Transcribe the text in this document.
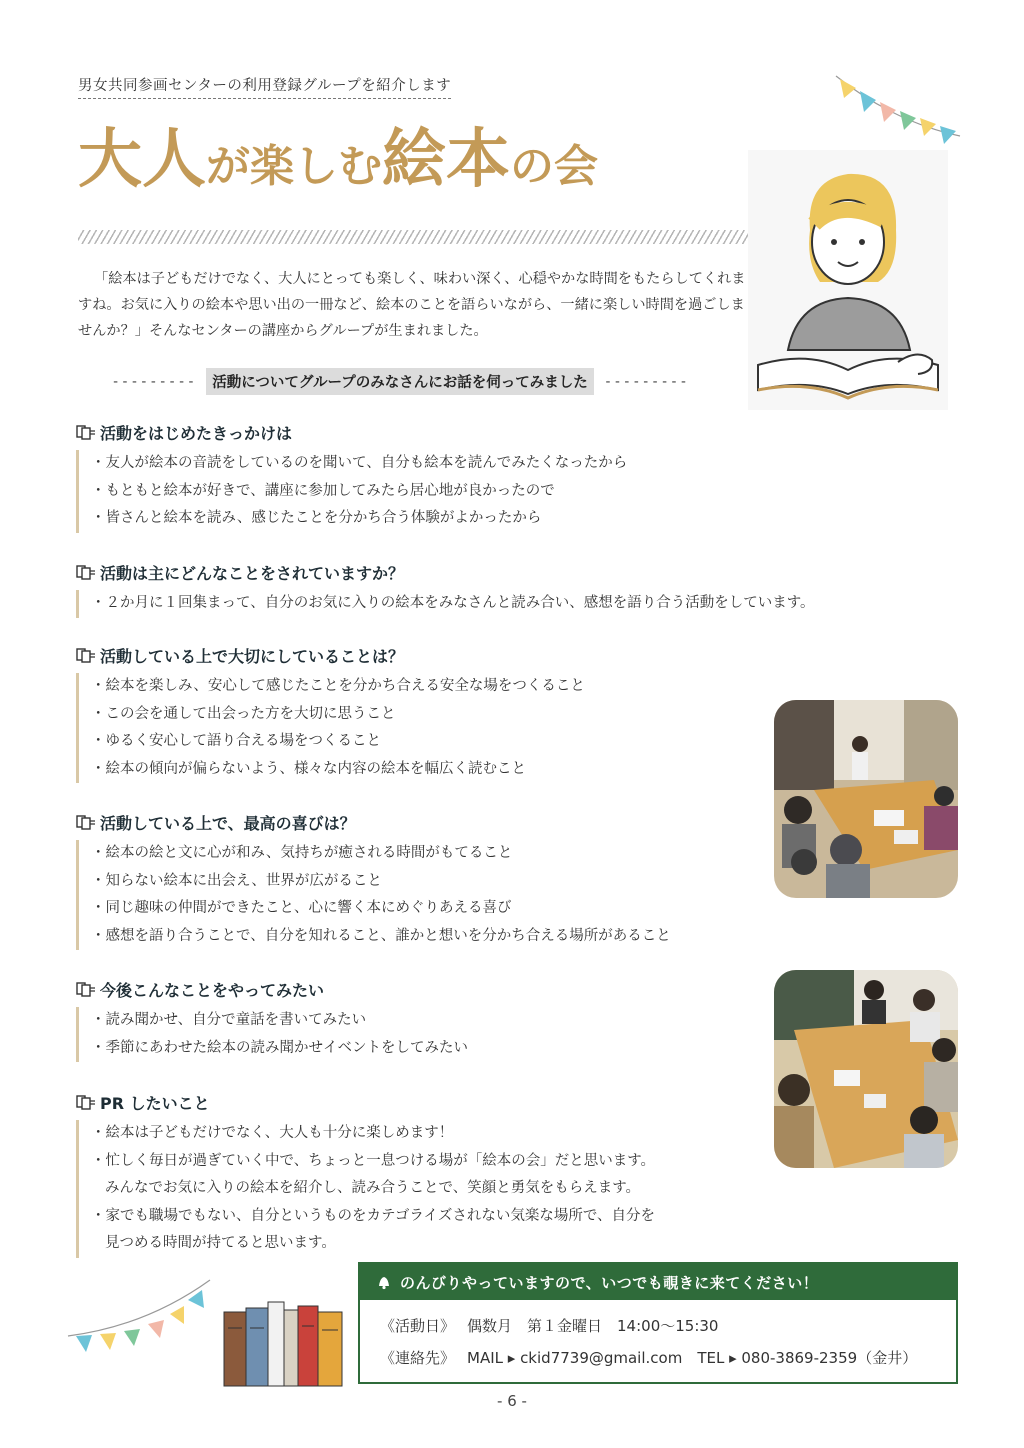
男女共同参画センターの利用登録グループを紹介します
大人が楽しむ絵本の会
「絵本は子どもだけでなく、大人にとっても楽しく、味わい深く、心穏やかな時間をもたらしてくれますね。お気に入りの絵本や思い出の一冊など、絵本のことを語らいながら、一緒に楽しい時間を過ごしませんか？」そんなセンターの講座からグループが生まれました。
---------	活動についてグループのみなさんにお話を伺ってみました	---------
活動をはじめたきっかけは
・友人が絵本の音読をしているのを聞いて、自分も絵本を読んでみたくなったから
・もともと絵本が好きで、講座に参加してみたら居心地が良かったので
・皆さんと絵本を読み、感じたことを分かち合う体験がよかったから
活動は主にどんなことをされていますか？
・２か月に１回集まって、自分のお気に入りの絵本をみなさんと読み合い、感想を語り合う活動をしています。
活動している上で大切にしていることは？
・絵本を楽しみ、安心して感じたことを分かち合える安全な場をつくること
・この会を通して出会った方を大切に思うこと
・ゆるく安心して語り合える場をつくること
・絵本の傾向が偏らないよう、様々な内容の絵本を幅広く読むこと
活動している上で、最高の喜びは？
・絵本の絵と文に心が和み、気持ちが癒される時間がもてること
・知らない絵本に出会え、世界が広がること
・同じ趣味の仲間ができたこと、心に響く本にめぐりあえる喜び
・感想を語り合うことで、自分を知れること、誰かと想いを分かち合える場所があること
今後こんなことをやってみたい
・読み聞かせ、自分で童話を書いてみたい
・季節にあわせた絵本の読み聞かせイベントをしてみたい
PR したいこと
・絵本は子どもだけでなく、大人も十分に楽しめます！
・忙しく毎日が過ぎていく中で、ちょっと一息つける場が「絵本の会」だと思います。
みんなでお気に入りの絵本を紹介し、読み合うことで、笑顔と勇気をもらえます。
・家でも職場でもない、自分というものをカテゴライズされない気楽な場所で、自分を
見つめる時間が持てると思います。
のんびりやっていますので、いつでも覗きに来てください！
《活動日》 偶数月　第１金曜日　14:00〜15:30
《連絡先》 MAIL ▸ ckid7739@gmail.com　TEL ▸ 080-3869-2359（金井）
- 6 -
